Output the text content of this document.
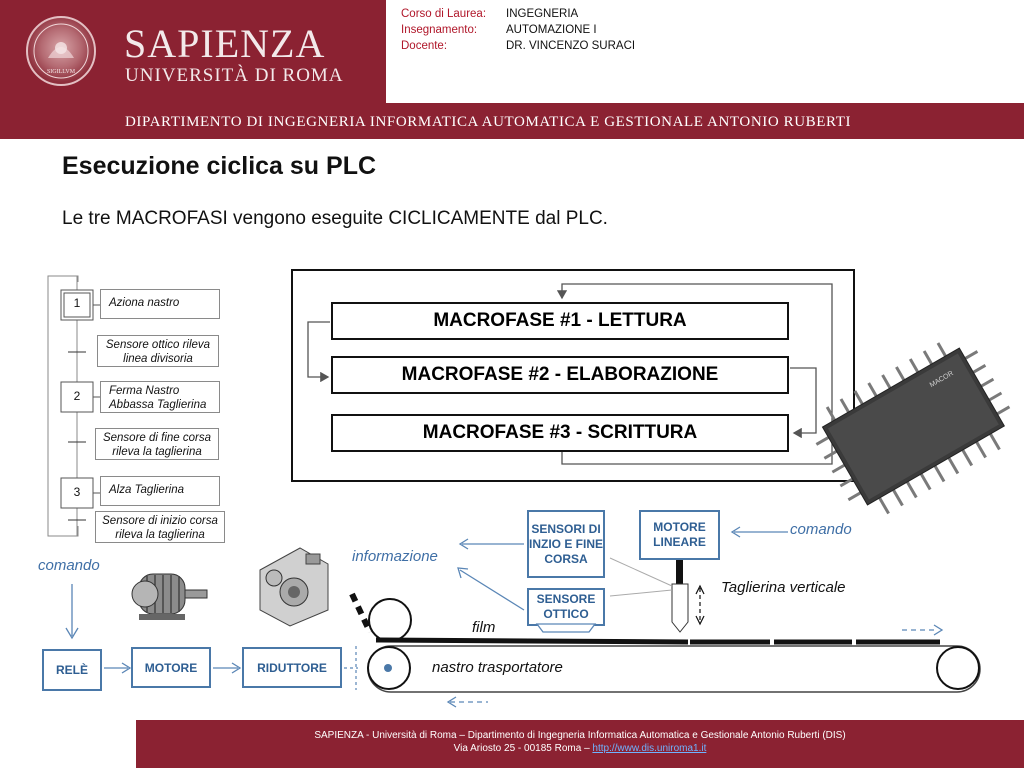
SIGILLVM
SAPIENZA
UNIVERSITÀ DI ROMA
Corso di Laurea: INGEGNERIA
Insegnamento:	AUTOMAZIONE I
Docente:	DR. VINCENZO SURACI
DIPARTIMENTO DI INGEGNERIA INFORMATICA AUTOMATICA E GESTIONALE ANTONIO RUBERTI
Esecuzione ciclica su PLC
Le tre MACROFASI vengono eseguite CICLICAMENTE dal PLC.
1
2
3
Aziona nastro
Ferma Nastro Abbassa Taglierina
Alza Taglierina
Sensore ottico rileva linea divisoria
Sensore di fine corsa rileva la taglierina
Sensore di inizio corsa rileva la taglierina
MACROFASE #1 - LETTURA
MACROFASE #2 - ELABORAZIONE
MACROFASE #3 - SCRITTURA
MACOR
comando
RELÈ	MOTORE	RIDUTTORE
film
nastro trasportatore
informazione
SENSORI DI INZIO E FINE CORSA
SENSORE OTTICO
MOTORE LINEARE
comando
Taglierina verticale
SAPIENZA - Università di Roma – Dipartimento di Ingegneria Informatica Automatica e Gestionale Antonio Ruberti (DIS)
Via Ariosto 25 - 00185 Roma – http://www.dis.uniroma1.it
